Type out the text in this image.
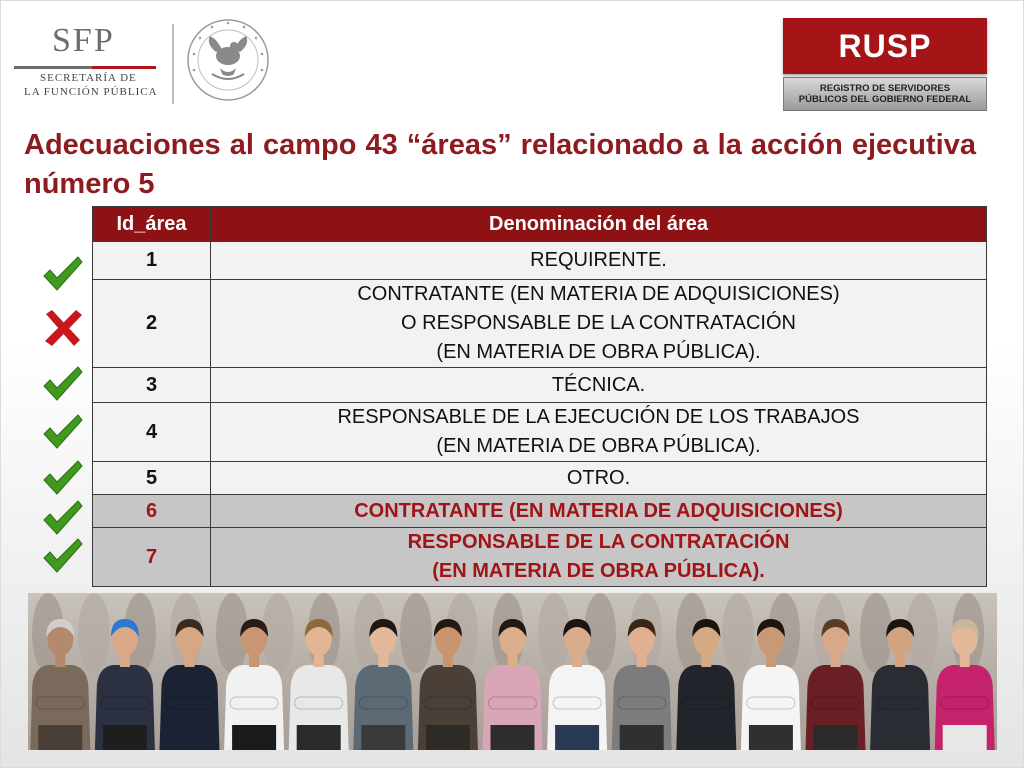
SFP
SECRETARÍA DE
LA FUNCIÓN PÚBLICA
RUSP
REGISTRO DE SERVIDORES
PÚBLICOS DEL GOBIERNO FEDERAL
Adecuaciones al campo 43 “áreas” relacionado a la acción ejecutiva número 5
Id_área	Denominación del área
1	REQUIRENTE.

2	CONTRATANTE (EN MATERIA DE ADQUISICIONES)
O RESPONSABLE DE LA CONTRATACIÓN
(EN MATERIA DE OBRA PÚBLICA).

3	TÉCNICA.

4	RESPONSABLE DE LA EJECUCIÓN DE LOS TRABAJOS
(EN MATERIA DE OBRA PÚBLICA).

5	OTRO.

6	CONTRATANTE (EN MATERIA DE ADQUISICIONES)

7	RESPONSABLE DE LA CONTRATACIÓN
(EN MATERIA DE OBRA PÚBLICA).
